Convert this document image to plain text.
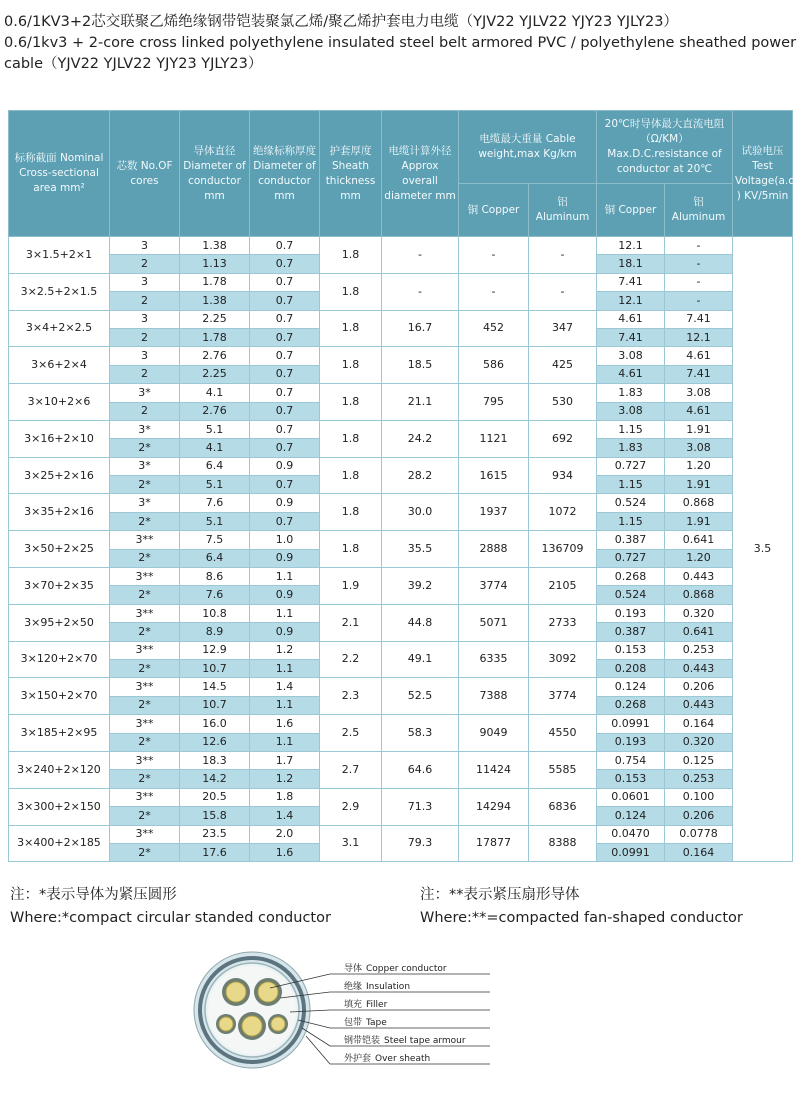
0.6/1KV3+2芯交联聚乙烯绝缘钢带铠装聚氯乙烯/聚乙烯护套电力电缆（YJV22 YJLV22 YJY23 YJLY23）
0.6/1kv3 + 2-core cross linked polyethylene insulated steel belt armored PVC / polyethylene sheathed power
cable（YJV22 YJLV22 YJY23 YJLY23）
标称截面 Nominal Cross-sectional area mm²	芯数 No.OF cores	导体直径 Diameter of conductor mm	绝缘标称厚度 Diameter of conductor mm	护套厚度 Sheath thickness mm	电缆计算外径 Approx overall diameter mm	电缆最大重量 Cable weight,max Kg/km		20℃时导体最大直流电阻（Ω/KM） Max.D.C.resistance of conductor at 20℃		试验电压 Test Voltage(a.c ) KV/5min
						铜 Copper	铝 Aluminum	铜 Copper	铝 Aluminum	
3×1.5+2×1	3	1.38	0.7	1.8	-	-	-	12.1	-	3.5
	2	1.13	0.7					18.1	-	
3×2.5+2×1.5	3	1.78	0.7	1.8	-	-	-	7.41	-	
	2	1.38	0.7					12.1	-	
3×4+2×2.5	3	2.25	0.7	1.8	16.7	452	347	4.61	7.41	
	2	1.78	0.7					7.41	12.1	
3×6+2×4	3	2.76	0.7	1.8	18.5	586	425	3.08	4.61	
	2	2.25	0.7					4.61	7.41	
3×10+2×6	3*	4.1	0.7	1.8	21.1	795	530	1.83	3.08	
	2	2.76	0.7					3.08	4.61	
3×16+2×10	3*	5.1	0.7	1.8	24.2	1121	692	1.15	1.91	
	2*	4.1	0.7					1.83	3.08	
3×25+2×16	3*	6.4	0.9	1.8	28.2	1615	934	0.727	1.20	
	2*	5.1	0.7					1.15	1.91	
3×35+2×16	3*	7.6	0.9	1.8	30.0	1937	1072	0.524	0.868	
	2*	5.1	0.7					1.15	1.91	
3×50+2×25	3**	7.5	1.0	1.8	35.5	2888	136709	0.387	0.641	
	2*	6.4	0.9					0.727	1.20	
3×70+2×35	3**	8.6	1.1	1.9	39.2	3774	2105	0.268	0.443	
	2*	7.6	0.9					0.524	0.868	
3×95+2×50	3**	10.8	1.1	2.1	44.8	5071	2733	0.193	0.320	
	2*	8.9	0.9					0.387	0.641	
3×120+2×70	3**	12.9	1.2	2.2	49.1	6335	3092	0.153	0.253	
	2*	10.7	1.1					0.208	0.443	
3×150+2×70	3**	14.5	1.4	2.3	52.5	7388	3774	0.124	0.206	
	2*	10.7	1.1					0.268	0.443	
3×185+2×95	3**	16.0	1.6	2.5	58.3	9049	4550	0.0991	0.164	
	2*	12.6	1.1					0.193	0.320	
3×240+2×120	3**	18.3	1.7	2.7	64.6	11424	5585	0.754	0.125	
	2*	14.2	1.2					0.153	0.253	
3×300+2×150	3**	20.5	1.8	2.9	71.3	14294	6836	0.0601	0.100	
	2*	15.8	1.4					0.124	0.206	
3×400+2×185	3**	23.5	2.0	3.1	79.3	17877	8388	0.0470	0.0778	
	2*	17.6	1.6					0.0991	0.164	
注：*表示导体为紧压圆形
Where:*compact circular standed conductor
注：**表示紧压扇形导体
Where:**=compacted fan-shaped conductor
导体 Copper conductor
绝缘 Insulation
填充 Filler
包带 Tape
钢带铠装 Steel tape armour
外护套 Over sheath
